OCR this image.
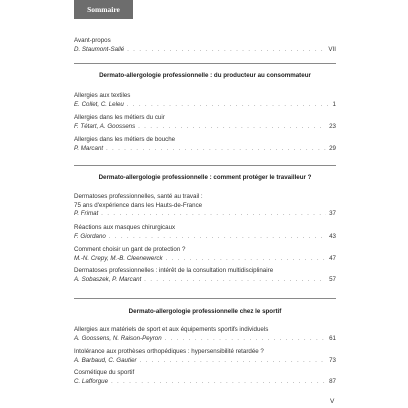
Sommaire
Avant-propos
D. Staumont-Sallé . . .	VII
Dermato-allergologie professionnelle : du producteur au consommateur
Allergies aux textiles
E. Collet, C. Leleu . . .	1
Allergies dans les métiers du cuir
F. Tétart, A. Goossens . . .	23
Allergies dans les métiers de bouche
P. Marcant . . .	29
Dermato-allergologie professionnelle : comment protéger le travailleur ?
Dermatoses professionnelles, santé au travail :
75 ans d'expérience dans les Hauts-de-France
P. Frimat . . .	37
Réactions aux masques chirurgicaux
F. Giordano . . .	43
Comment choisir un gant de protection ?
M.-N. Crepy, M.-B. Cleenewerck . . .	47
Dermatoses professionnelles : intérêt de la consultation multidisciplinaire
A. Sobaszek, P. Marcant . . .	57
Dermato-allergologie professionnelle chez le sportif
Allergies aux matériels de sport et aux équipements sportifs individuels
A. Goossens, N. Raison-Peyron . . .	61
Intolérance aux prothèses orthopédiques : hypersensibilité retardée ?
A. Barbaud, C. Gautier . . .	73
Cosmétique du sportif
C. Lafforgue . . .	87
V
